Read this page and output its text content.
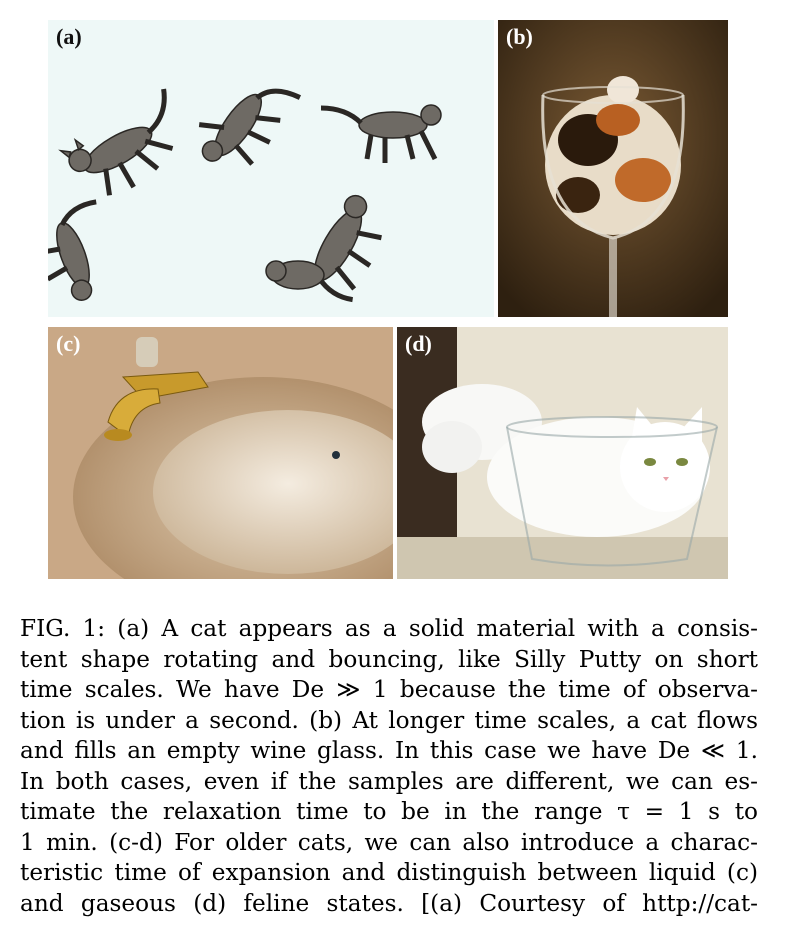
(a)	(b)
(c)	(d)

FIG. 1: (a) A cat appears as a solid material with a consis-

tent shape rotating and bouncing, like Silly Putty on short

time scales. We have De ≫ 1 because the time of observa-

tion is under a second. (b) At longer time scales, a cat flows

and fills an empty wine glass. In this case we have De ≪ 1.

In both cases, even if the samples are different, we can es-

timate the relaxation time to be in the range τ = 1 s to

1 min. (c-d) For older cats, we can also introduce a charac-

teristic time of expansion and distinguish between liquid (c)

and gaseous (d) feline states. [(a) Courtesy of http://cat-
